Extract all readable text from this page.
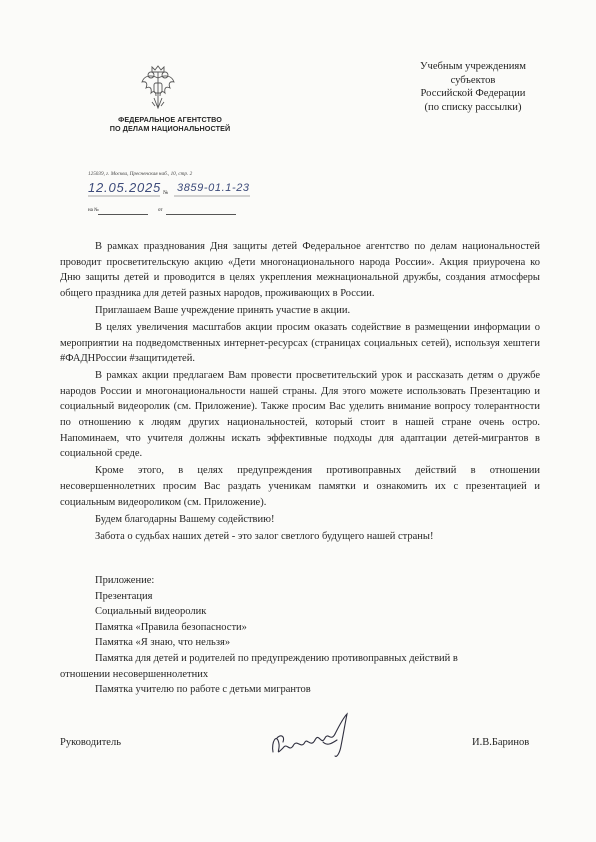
ФЕДЕРАЛЬНОЕ АГЕНТСТВО
ПО ДЕЛАМ НАЦИОНАЛЬНОСТЕЙ
Учебным учреждениям
субъектов
Российской Федерации
(по списку рассылки)
125039, г. Москва, Пресненская наб., 10, стр. 2
12.05.2025 № 3859-01.1-23
на №	от

В рамках празднования Дня защиты детей Федеральное агентство по делам национальностей проводит просветительскую акцию «Дети многонационального народа России». Акция приурочена ко Дню защиты детей и проводится в целях укрепления межнациональной дружбы, создания атмосферы общего праздника для детей разных народов, проживающих в России.

Приглашаем Ваше учреждение принять участие в акции.

В целях увеличения масштабов акции просим оказать содействие в размещении информации о мероприятии на подведомственных интернет-ресурсах (страницах социальных сетей), используя хештеги #ФАДНРоссии #защитидетей.

В рамках акции предлагаем Вам провести просветительский урок и рассказать детям о дружбе народов России и многонациональности нашей страны. Для этого можете использовать Презентацию и социальный видеоролик (см. Приложение). Также просим Вас уделить внимание вопросу толерантности по отношению к людям других национальностей, который стоит в нашей стране очень остро. Напоминаем, что учителя должны искать эффективные подходы для адаптации детей-мигрантов в социальной среде.

Кроме этого, в целях предупреждения противоправных действий в отношении несовершеннолетних просим Вас раздать ученикам памятки и ознакомить их с презентацией и социальным видеороликом (см. Приложение).

Будем благодарны Вашему содействию!

Забота о судьбах наших детей - это залог светлого будущего нашей страны!

Приложение:
Презентация
Социальный видеоролик
Памятка «Правила безопасности»
Памятка «Я знаю, что нельзя»
Памятка для детей и родителей по предупреждению противоправных действий в
отношении несовершеннолетних
Памятка учителю по работе с детьми мигрантов
Руководитель	И.В.Баринов
